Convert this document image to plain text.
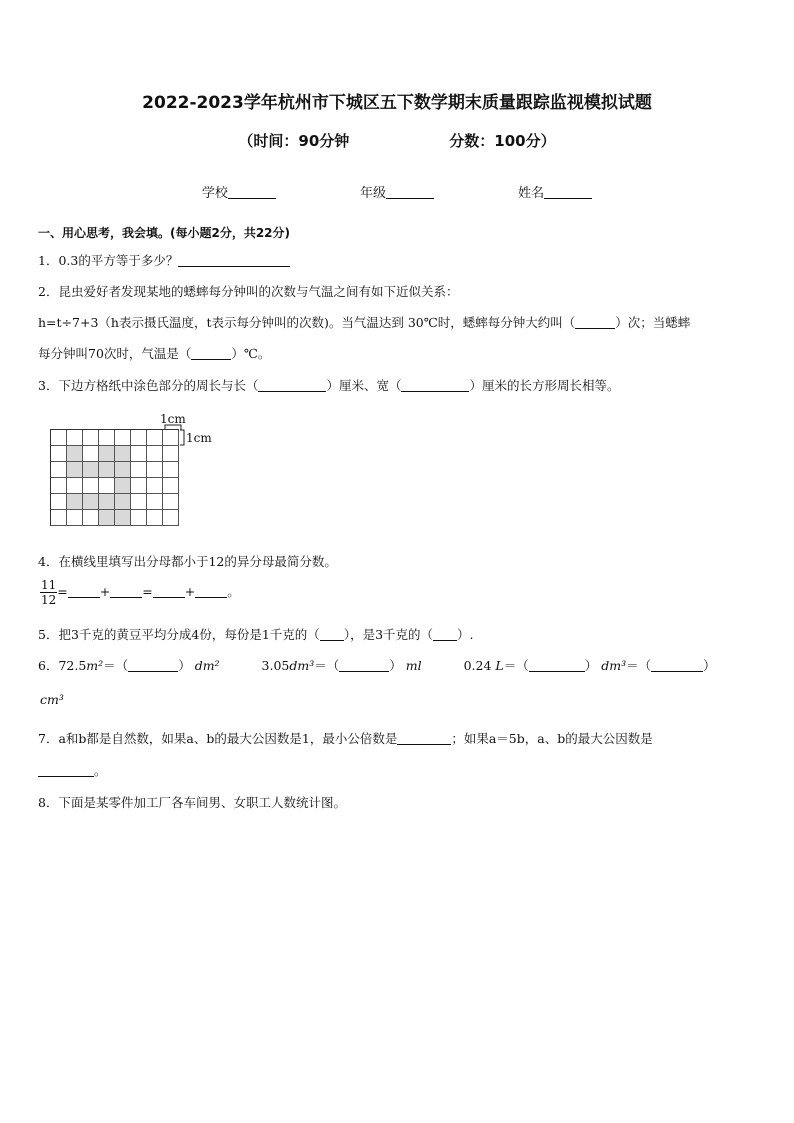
2022-2023学年杭州市下城区五下数学期末质量跟踪监视模拟试题
（时间：90分钟	分数：100分）
学校	年级	姓名
一、用心思考，我会填。(每小题2分，共22分)
1．0.3的平方等于多少？
2．昆虫爱好者发现某地的蟋蟀每分钟叫的次数与气温之间有如下近似关系：
h=t÷7+3（h表示摄氏温度，t表示每分钟叫的次数)。当气温达到 30℃时，蟋蟀每分钟大约叫（	）次；当蟋蟀
每分钟叫70次时，气温是（	）℃。
3．下边方格纸中涂色部分的周长与长（	）厘米、宽（	）厘米的长方形周长相等。
1cm
1cm
4．在横线里填写出分母都小于12的异分母最简分数。
$\frac{11}{12}$ =	+	=	+	。
5．把3千克的黄豆平均分成4份，每份是1千克的（ ），是3千克的（ ）.
6．72.5m²＝（	） dm²	3.05dm³＝（	） ml	0.24 L＝（	） dm³＝（	）
cm³
7．a和b都是自然数，如果a、b的最大公因数是1，最小公倍数是	；如果a＝5b，a、b的最大公因数是
。
8．下面是某零件加工厂各车间男、女职工人数统计图。
